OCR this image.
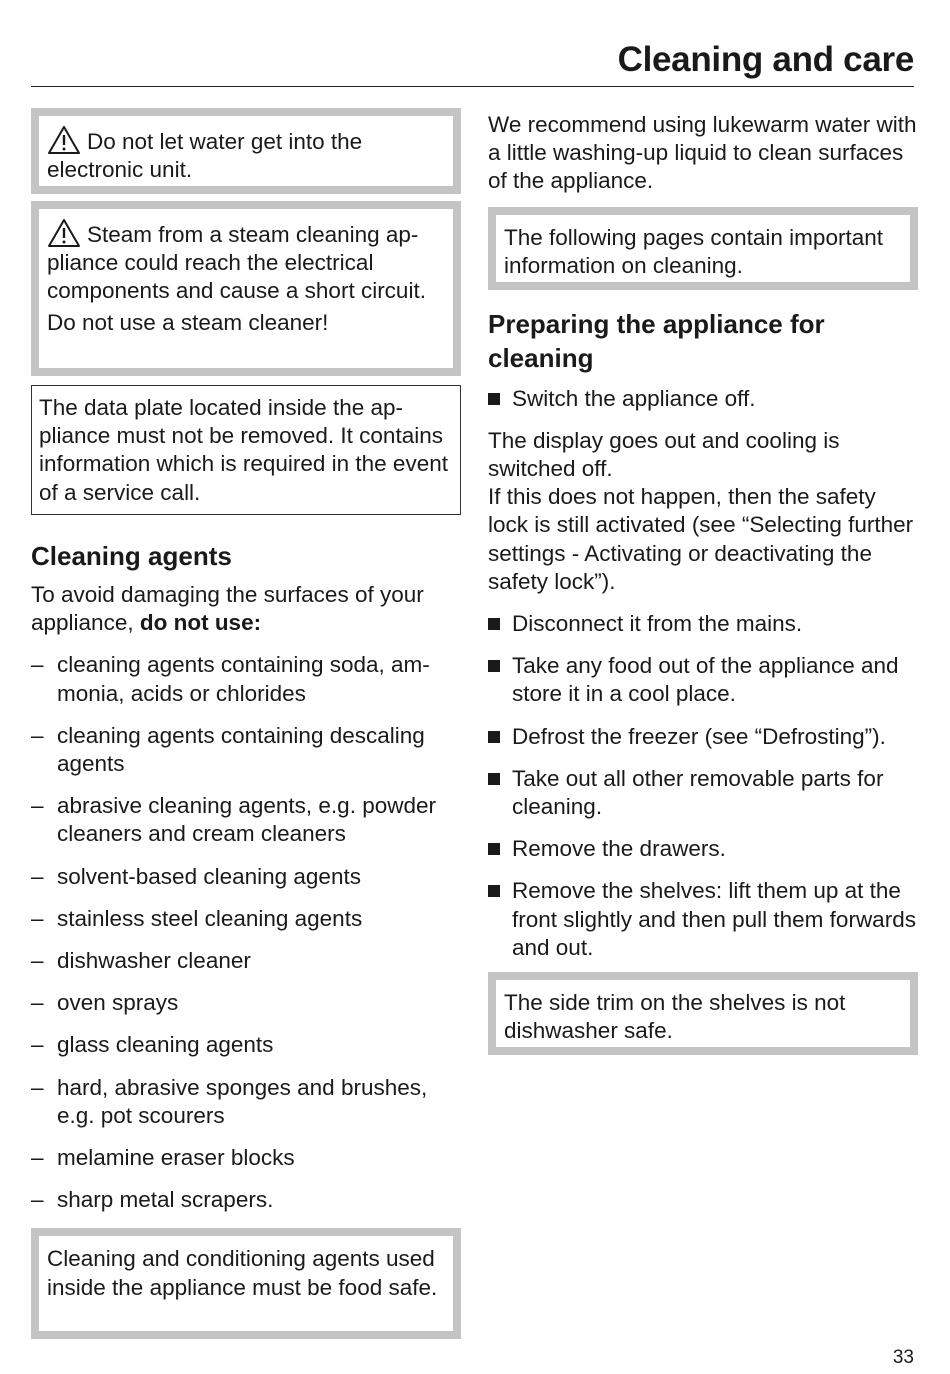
Cleaning and care

Do not let water get into the electronic unit.

Steam from a steam cleaning appliance could reach the electrical components and cause a short circuit.

Do not use a steam cleaner!

The data plate located inside the appliance must not be removed. It contains information which is required in the event of a service call.

Cleaning agents

To avoid damaging the surfaces of your appliance, do not use:

– cleaning agents containing soda, ammonia, acids or chlorides
– cleaning agents containing descaling agents
– abrasive cleaning agents, e.g. powder cleaners and cream cleaners
– solvent-based cleaning agents
– stainless steel cleaning agents
– dishwasher cleaner
– oven sprays
– glass cleaning agents
– hard, abrasive sponges and brushes, e.g. pot scourers
– melamine eraser blocks
– sharp metal scrapers.

Cleaning and conditioning agents used inside the appliance must be food safe.

We recommend using lukewarm water with a little washing-up liquid to clean surfaces of the appliance.

The following pages contain important information on cleaning.

Preparing the appliance for cleaning
Switch the appliance off.

The display goes out and cooling is switched off.

If this does not happen, then the safety lock is still activated (see “Selecting further settings - Activating or deactivating the safety lock”).

Disconnect it from the mains.
Take any food out of the appliance and store it in a cool place.
Defrost the freezer (see “Defrosting”).
Take out all other removable parts for cleaning.
Remove the drawers.
Remove the shelves: lift them up at the front slightly and then pull them forwards and out.

The side trim on the shelves is not dishwasher safe.

33
